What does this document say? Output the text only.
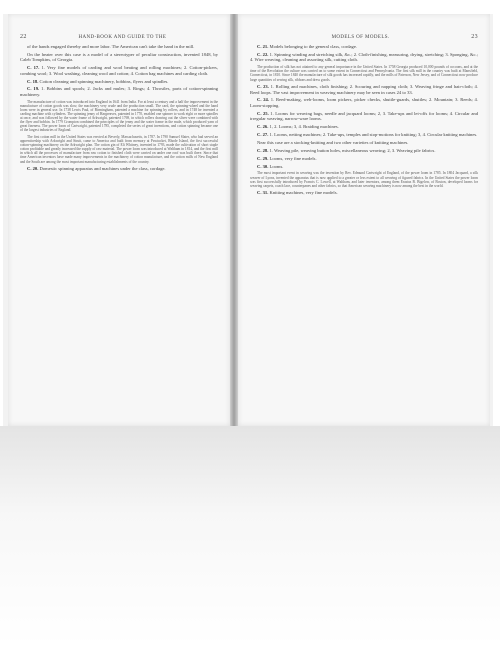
22	HAND-BOOK AND GUIDE TO THE

of the hands engaged thereby and more labor. The American can't take the hand in the mill.

On the heater over this case is a model of a stereotyper of peculiar construction, invented 1848, by Caleb Tompkins, of Georgia.

C. 17. 1. Very fine models of carding and wool beating and rolling machines; 2. Cotton-pickers, combing wool; 3. Wool washing, cleaning wool and cotton; 4. Cotton bag machines and carding cloth.

C. 18. Cotton cleaning and spinning machinery, bobbins, flyers and spindles.

C. 19. 1. Bobbins and spools; 2. Jacks and mules; 3. Rings; 4. Throstles, parts of cotton-spinning machinery.

The manufacture of cotton was introduced into England in 1641 from India. For at least a century and a half the improvement in the manufacture of cotton goods was slow, the machinery very crude and the production small. The card, the spinning-wheel and the hand loom were in general use. In 1738 Lewis Paul, of Birmingham, patented a machine for spinning by rollers, and in 1748 he invented a carding machine with cylinders. The spinning jenny of Hargreaves, patented in 1770, enabled one spinner to work eight or more spindles at once, and was followed by the water frame of Arkwright, patented 1769, in which rollers drawing out the sliver were combined with the flyer and bobbin. In 1779 Crompton combined the principles of the jenny and the water frame in the mule, which produced yarn of great fineness. The power loom of Cartwright, patented 1785, completed the series of great inventions, and cotton spinning became one of the largest industries of England.

The first cotton mill in the United States was erected at Beverly, Massachusetts, in 1787. In 1790 Samuel Slater, who had served an apprenticeship with Arkwright and Strutt, came to America and built from memory at Pawtucket, Rhode Island, the first successful cotton-spinning machinery on the Arkwright plan. The cotton gin of Eli Whitney, invented in 1793, made the cultivation of short staple cotton profitable and greatly increased the supply of raw material. The power loom was introduced at Waltham in 1814, and the first mill in which all the processes of manufacture from raw cotton to finished cloth were carried on under one roof was built there. Since that time American inventors have made many improvements in the machinery of cotton manufacture, and the cotton mills of New England and the South are among the most important manufacturing establishments of the country.

C. 20. Domestic spinning apparatus and machines under the class, cordage.

MODELS OF MODELS.	23

C. 21. Models belonging to the general class, cordage.

C. 22. 1. Spinning winding and stretching silk, &c.; 2. Cloth-finishing, measuring, drying, stretching; 3. Sponging, &c.; 4. Wire weaving, cleaning and assorting silk, cutting cloth.

The production of silk has not attained to any general importance in the United States. In 1758 Georgia produced 10,000 pounds of cocoons, and at the time of the Revolution the culture was carried on to some extent in Connecticut and Pennsylvania. The first silk mill in the country was built at Mansfield, Connecticut, in 1810. Since 1840 the manufacture of silk goods has increased rapidly, and the mills of Paterson, New Jersey, and of Connecticut now produce large quantities of sewing silk, ribbons and dress goods.

C. 23. 1. Rolling and machines, cloth finishing; 2. Scouring and napping cloth; 3. Weaving fringe and hair-cloth; 4. Reed loops. The vast improvement in weaving machinery may be seen in cases 24 to 33.

C. 24. 1. Reed-making, web-looms, loom pickers, picker checks, shuttle-guards, shuttles; 2. Mountain; 3. Reeds; 4. Loom-stopping.

C. 25. 1. Looms for weaving bags, needle and jacquard looms; 2, 3. Take-ups and let-offs for looms; 4. Circular and irregular weaving, narrow-ware looms.

C. 26. 1, 2. Looms; 3, 4. Braiding machines.

C. 27. 1. Looms, netting machines; 2. Take-ups, temples and stop-motions for knitting; 3, 4. Circular knitting machines.

Near this case are a stocking-knitting and two other varieties of knitting machines.

C. 28. 1. Weaving pile, weaving button holes, miscellaneous weaving; 2, 3. Weaving pile fabrics.

C. 29. Looms, very fine models.

C. 30. Looms.

The most important event in weaving was the invention by Rev. Edmund Cartwright of England, of the power loom in 1785. In 1804 Jacquard, a silk weaver of Lyons, invented the apparatus that is now applied to a greater or less extent to all weaving of figured fabrics. In the United States the power loom was first successfully introduced by Francis C. Lowell, at Waltham, and later inventors, among them Erastus B. Bigelow, of Boston, developed looms for weaving carpets, coach lace, counterpanes and other fabrics, so that American weaving machinery is now among the best in the world.

C. 31. Knitting machines, very fine models.
